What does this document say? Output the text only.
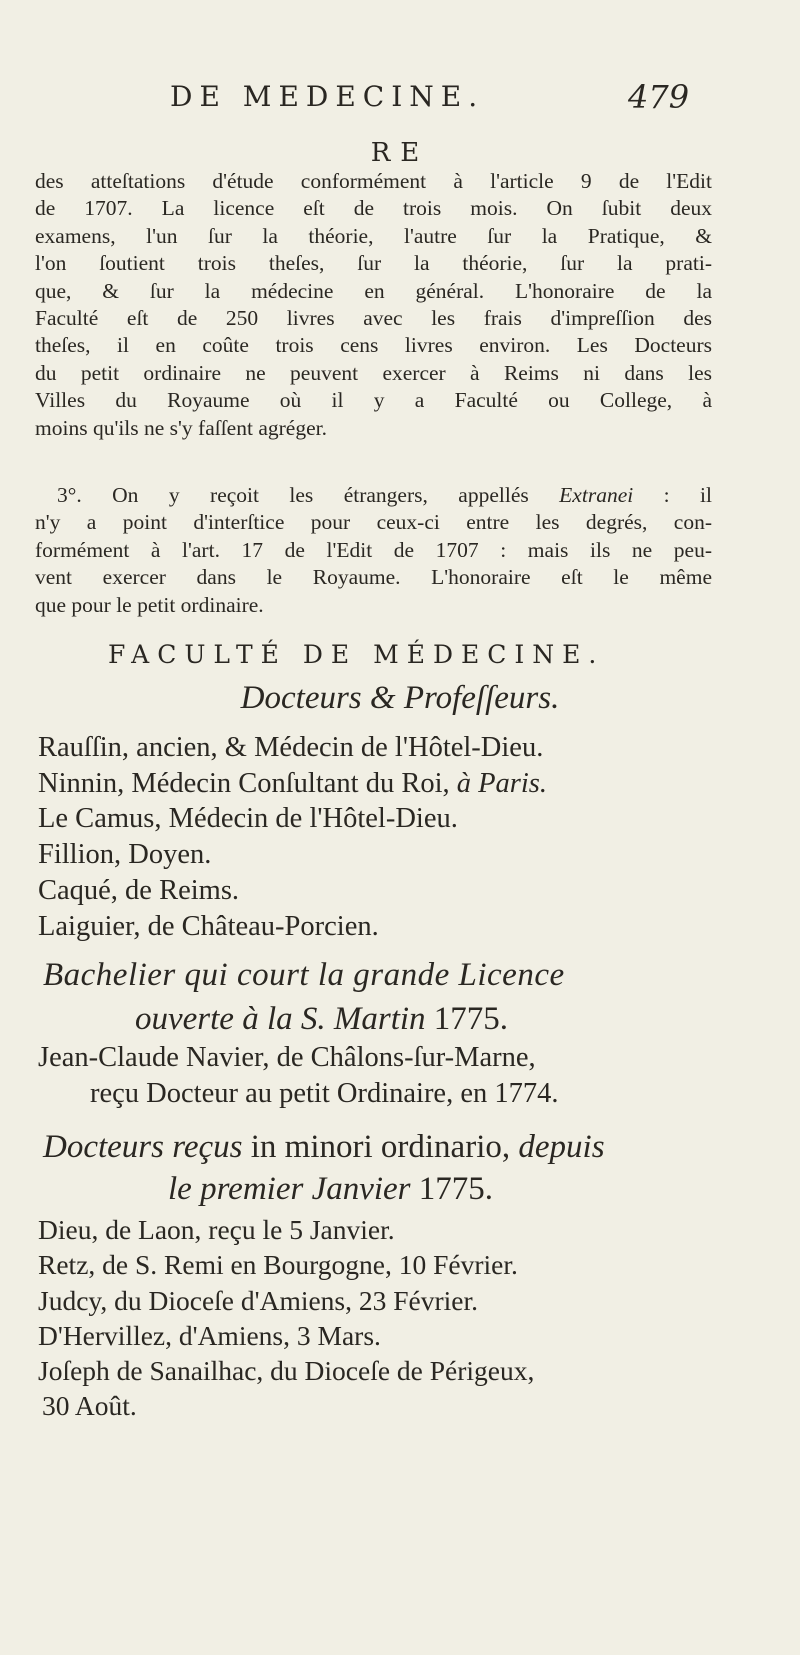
DE MEDECINE.	479
RE
des atteſtations d'étude conformément à l'article 9 de l'Edit
de 1707. La licence eſt de trois mois. On ſubit deux
examens, l'un ſur la théorie, l'autre ſur la Pratique, &
l'on ſoutient trois theſes, ſur la théorie, ſur la prati-
que, & ſur la médecine en général. L'honoraire de la
Faculté eſt de 250 livres avec les frais d'impreſſion des
theſes, il en coûte trois cens livres environ. Les Docteurs
du petit ordinaire ne peuvent exercer à Reims ni dans les
Villes du Royaume où il y a Faculté ou College, à
moins qu'ils ne s'y faſſent agréger.
3°. On y reçoit les étrangers, appellés Extranei : il
n'y a point d'interſtice pour ceux-ci entre les degrés, con-
formément à l'art. 17 de l'Edit de 1707 : mais ils ne peu-
vent exercer dans le Royaume. L'honoraire eſt le même
que pour le petit ordinaire.
FACULTÉ DE MÉDECINE.
Docteurs & Profeſſeurs.
Rauſſin, ancien, & Médecin de l'Hôtel-Dieu.
Ninnin, Médecin Conſultant du Roi, à Paris.
Le Camus, Médecin de l'Hôtel-Dieu.
Fillion, Doyen.
Caqué, de Reims.
Laiguier, de Château-Porcien.
Bachelier qui court la grande Licence
ouverte à la S. Martin 1775.
Jean-Claude Navier, de Châlons-ſur-Marne,
reçu Docteur au petit Ordinaire, en 1774.
Docteurs reçus in minori ordinario, depuis
le premier Janvier 1775.
Dieu, de Laon, reçu le 5 Janvier.
Retz, de S. Remi en Bourgogne, 10 Février.
Judcy, du Dioceſe d'Amiens, 23 Février.
D'Hervillez, d'Amiens, 3 Mars.
Joſeph de Sanailhac, du Dioceſe de Périgeux,
30 Août.
